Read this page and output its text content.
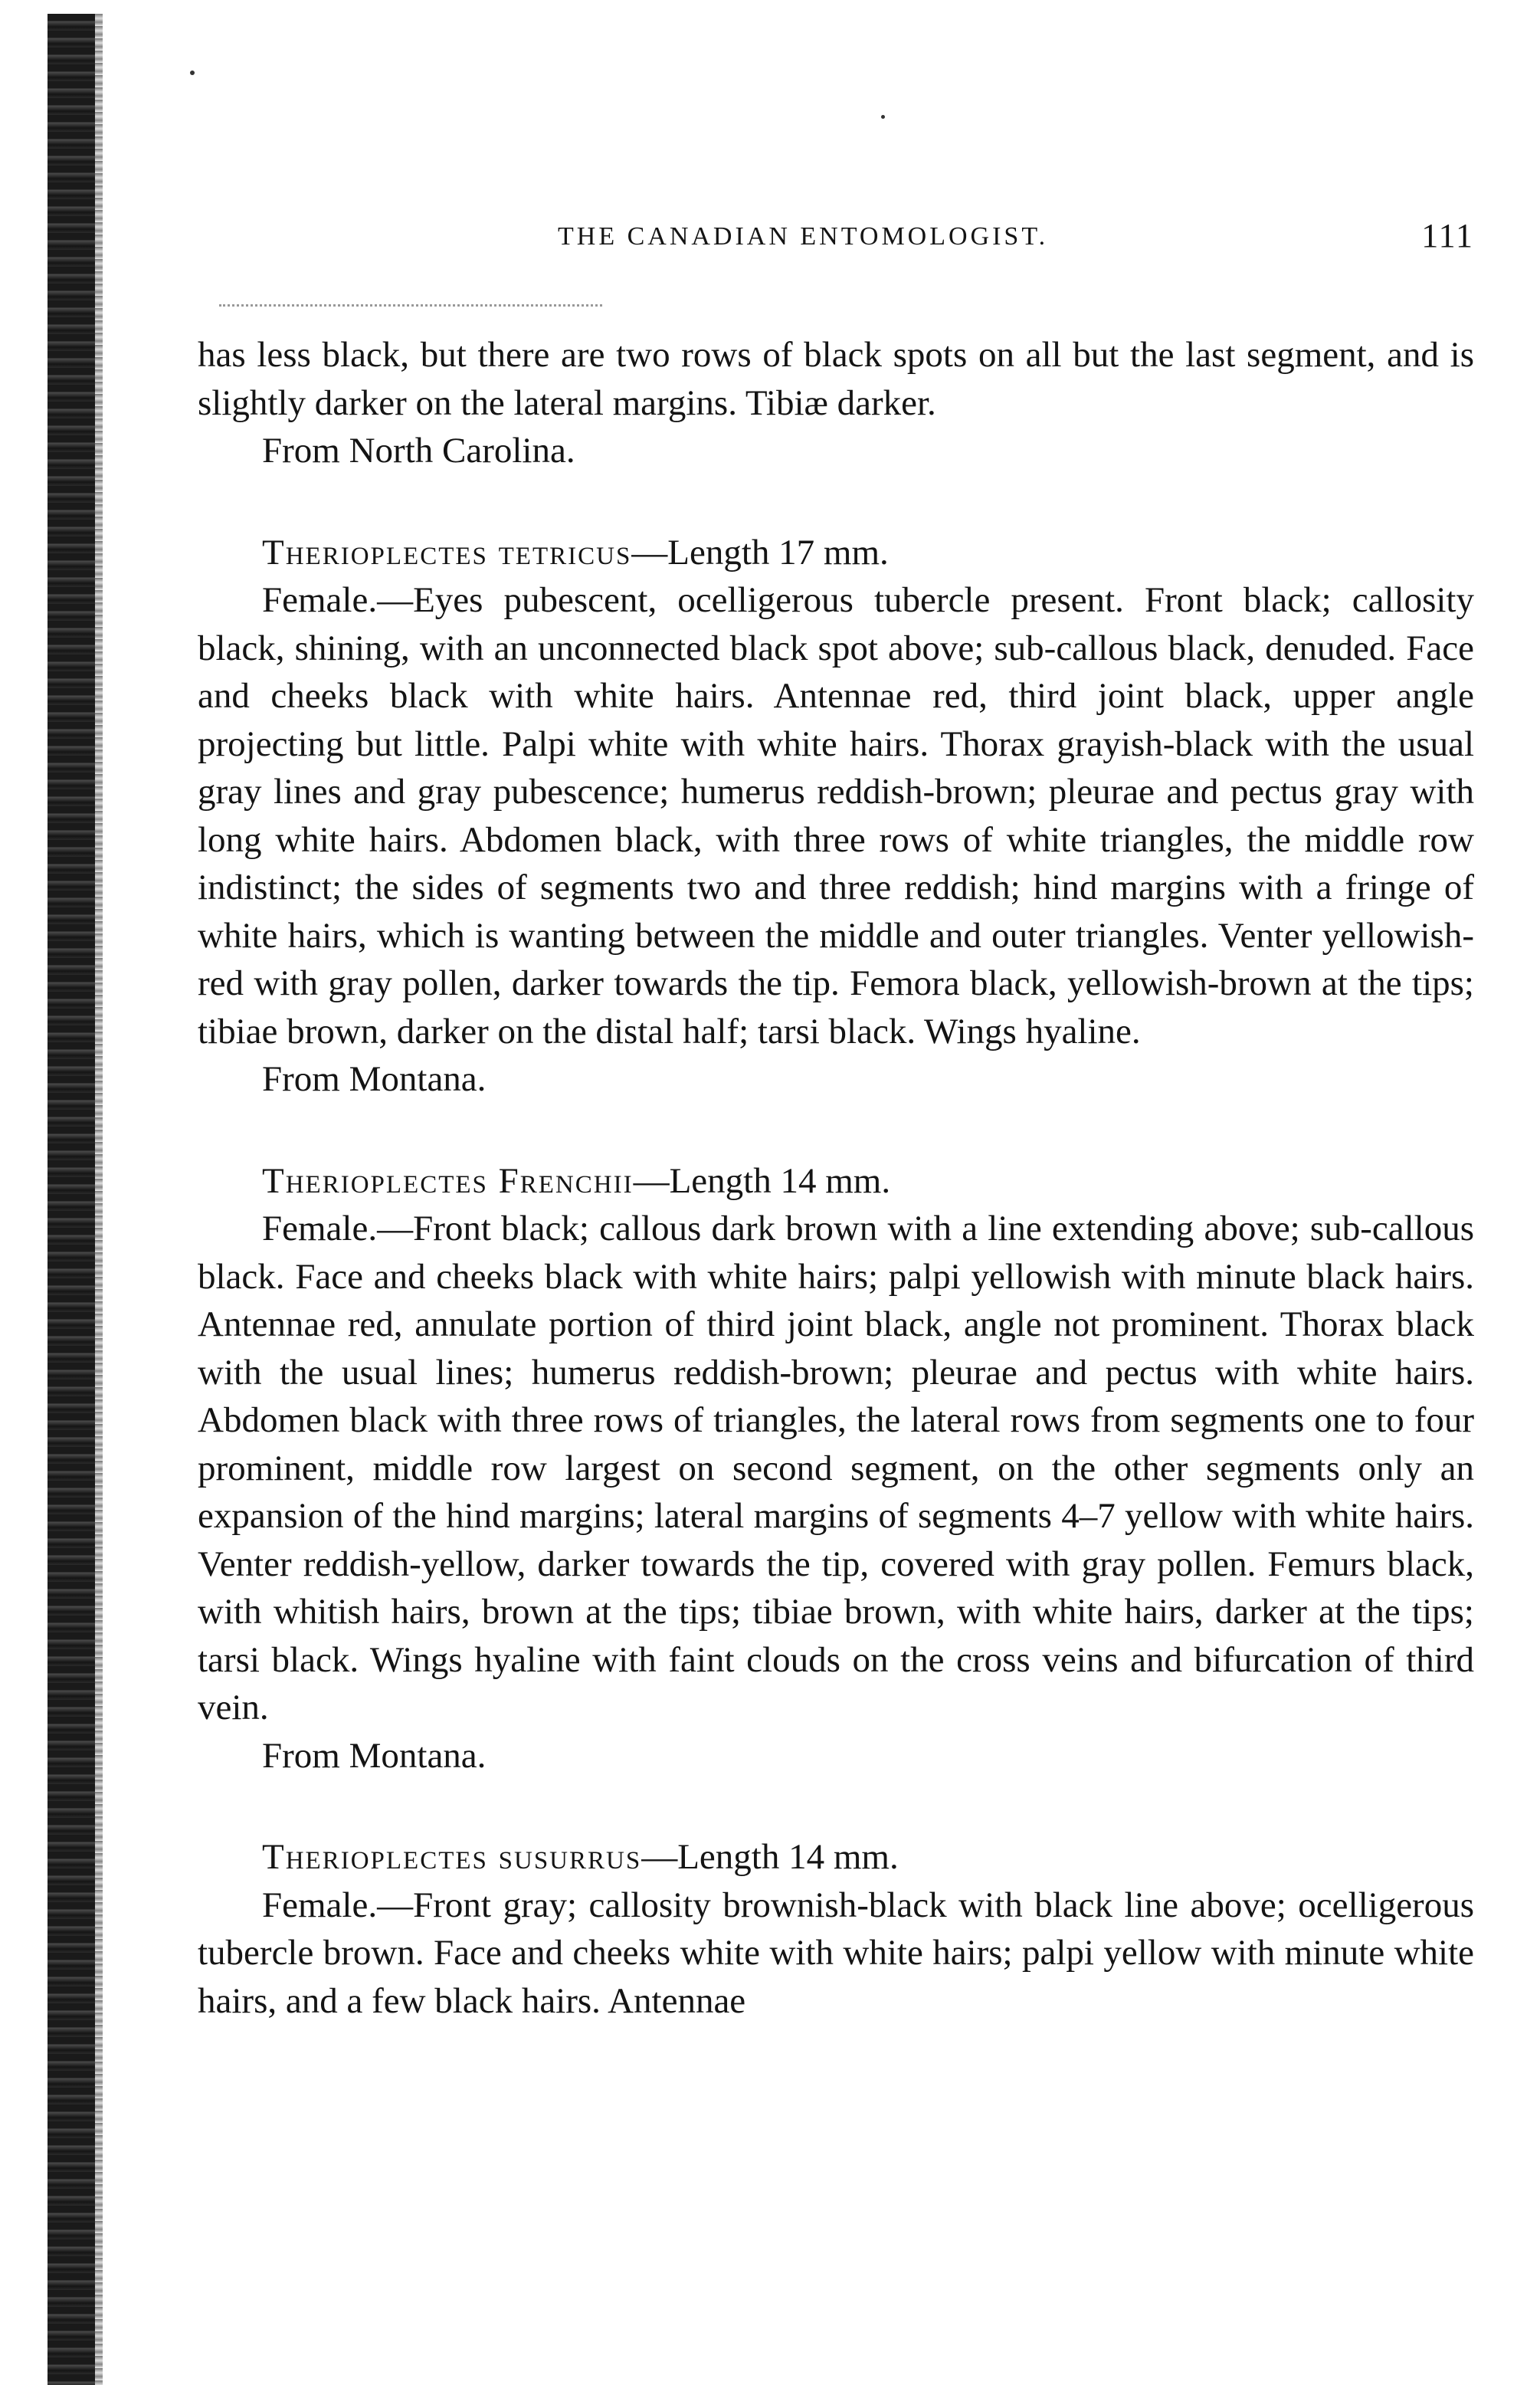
THE CANADIAN ENTOMOLOGIST.	111

has less black, but there are two rows of black spots on all but the last segment, and is slightly darker on the lateral margins. Tibiæ darker.

From North Carolina.

Therioplectes tetricus—Length 17 mm.

Female.—Eyes pubescent, ocelligerous tubercle present. Front black; callosity black, shining, with an unconnected black spot above; sub-callous black, denuded. Face and cheeks black with white hairs. Antennae red, third joint black, upper angle projecting but little. Palpi white with white hairs. Thorax grayish-black with the usual gray lines and gray pubescence; humerus reddish-brown; pleurae and pectus gray with long white hairs. Abdomen black, with three rows of white triangles, the middle row indistinct; the sides of segments two and three reddish; hind margins with a fringe of white hairs, which is wanting between the middle and outer triangles. Venter yellowish-red with gray pollen, darker towards the tip. Femora black, yellowish-brown at the tips; tibiae brown, darker on the distal half; tarsi black. Wings hyaline.

From Montana.

Therioplectes Frenchii—Length 14 mm.

Female.—Front black; callous dark brown with a line extending above; sub-callous black. Face and cheeks black with white hairs; palpi yellowish with minute black hairs. Antennae red, annulate portion of third joint black, angle not prominent. Thorax black with the usual lines; humerus reddish-brown; pleurae and pectus with white hairs. Abdomen black with three rows of triangles, the lateral rows from segments one to four prominent, middle row largest on second segment, on the other segments only an expansion of the hind margins; lateral margins of segments 4–7 yellow with white hairs. Venter reddish-yellow, darker towards the tip, covered with gray pollen. Femurs black, with whitish hairs, brown at the tips; tibiae brown, with white hairs, darker at the tips; tarsi black. Wings hyaline with faint clouds on the cross veins and bifurcation of third vein.

From Montana.

Therioplectes susurrus—Length 14 mm.

Female.—Front gray; callosity brownish-black with black line above; ocelligerous tubercle brown. Face and cheeks white with white hairs; palpi yellow with minute white hairs, and a few black hairs. Antennae
